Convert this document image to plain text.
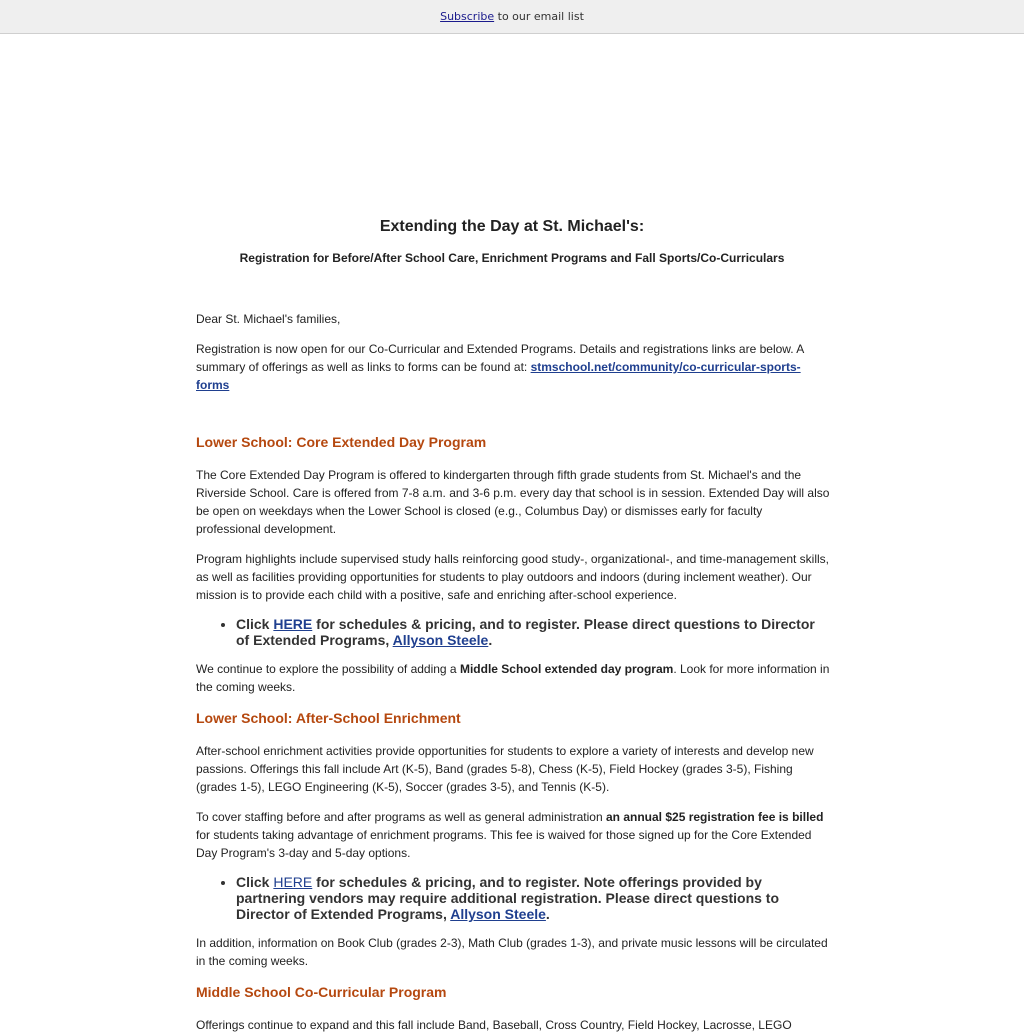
Subscribe to our email list
Extending the Day at St. Michael's:
Registration for Before/After School Care, Enrichment Programs and Fall Sports/Co-Curriculars

Dear St. Michael's families,

Registration is now open for our Co-Curricular and Extended Programs. Details and registrations links are below. A summary of offerings as well as links to forms can be found at: stmschool.net/community/co-curricular-sports-forms

Lower School: Core Extended Day Program

The Core Extended Day Program is offered to kindergarten through fifth grade students from St. Michael's and the Riverside School. Care is offered from 7-8 a.m. and 3-6 p.m. every day that school is in session. Extended Day will also be open on weekdays when the Lower School is closed (e.g., Columbus Day) or dismisses early for faculty professional development.

Program highlights include supervised study halls reinforcing good study-, organizational-, and time-management skills, as well as facilities providing opportunities for students to play outdoors and indoors (during inclement weather). Our mission is to provide each child with a positive, safe and enriching after-school experience.

• Click HERE for schedules & pricing, and to register. Please direct questions to Director of Extended Programs, Allyson Steele.

We continue to explore the possibility of adding a Middle School extended day program. Look for more information in the coming weeks.

Lower School: After-School Enrichment

After-school enrichment activities provide opportunities for students to explore a variety of interests and develop new passions. Offerings this fall include Art (K-5), Band (grades 5-8), Chess (K-5), Field Hockey (grades 3-5), Fishing (grades 1-5), LEGO Engineering (K-5), Soccer (grades 3-5), and Tennis (K-5).

To cover staffing before and after programs as well as general administration an annual $25 registration fee is billed for students taking advantage of enrichment programs. This fee is waived for those signed up for the Core Extended Day Program's 3-day and 5-day options.

• Click HERE for schedules & pricing, and to register. Note offerings provided by partnering vendors may require additional registration. Please direct questions to Director of Extended Programs, Allyson Steele.

In addition, information on Book Club (grades 2-3), Math Club (grades 1-3), and private music lessons will be circulated in the coming weeks.

Middle School Co-Curricular Program

Offerings continue to expand and this fall include Band, Baseball, Cross Country, Field Hockey, Lacrosse, LEGO
